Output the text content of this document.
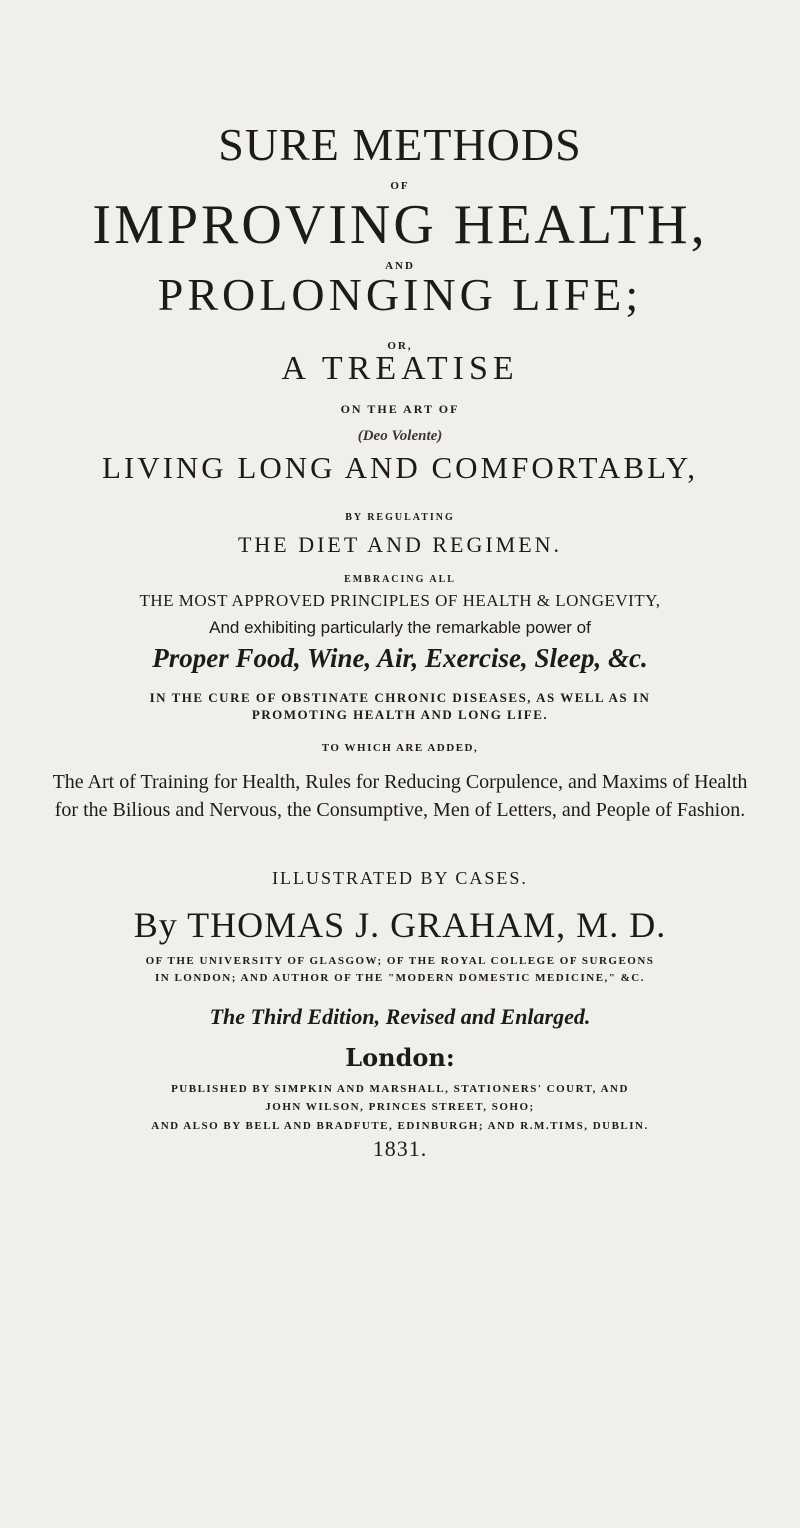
SURE METHODS
OF
IMPROVING HEALTH,
AND
PROLONGING LIFE;
OR,
A TREATISE
ON THE ART OF
(Deo Volente)
LIVING LONG AND COMFORTABLY,
BY REGULATING
THE DIET AND REGIMEN.
EMBRACING ALL
THE MOST APPROVED PRINCIPLES OF HEALTH & LONGEVITY,
And exhibiting particularly the remarkable power of
Proper Food, Wine, Air, Exercise, Sleep, &c.
IN THE CURE OF OBSTINATE CHRONIC DISEASES, AS WELL AS IN
PROMOTING HEALTH AND LONG LIFE.
TO WHICH ARE ADDED,
The Art of Training for Health, Rules for Reducing Corpulence, and Maxims of Health for the Bilious and Nervous, the Consumptive, Men of Letters, and People of Fashion.
ILLUSTRATED BY CASES.
By THOMAS J. GRAHAM, M. D.
OF THE UNIVERSITY OF GLASGOW; OF THE ROYAL COLLEGE OF SURGEONS
IN LONDON; AND AUTHOR OF THE "MODERN DOMESTIC MEDICINE," &C.
The Third Edition, Revised and Enlarged.
London:
PUBLISHED BY SIMPKIN AND MARSHALL, STATIONERS' COURT, AND
JOHN WILSON, PRINCES STREET, SOHO;
AND ALSO BY BELL AND BRADFUTE, EDINBURGH; AND R.M.TIMS, DUBLIN.
1831.
